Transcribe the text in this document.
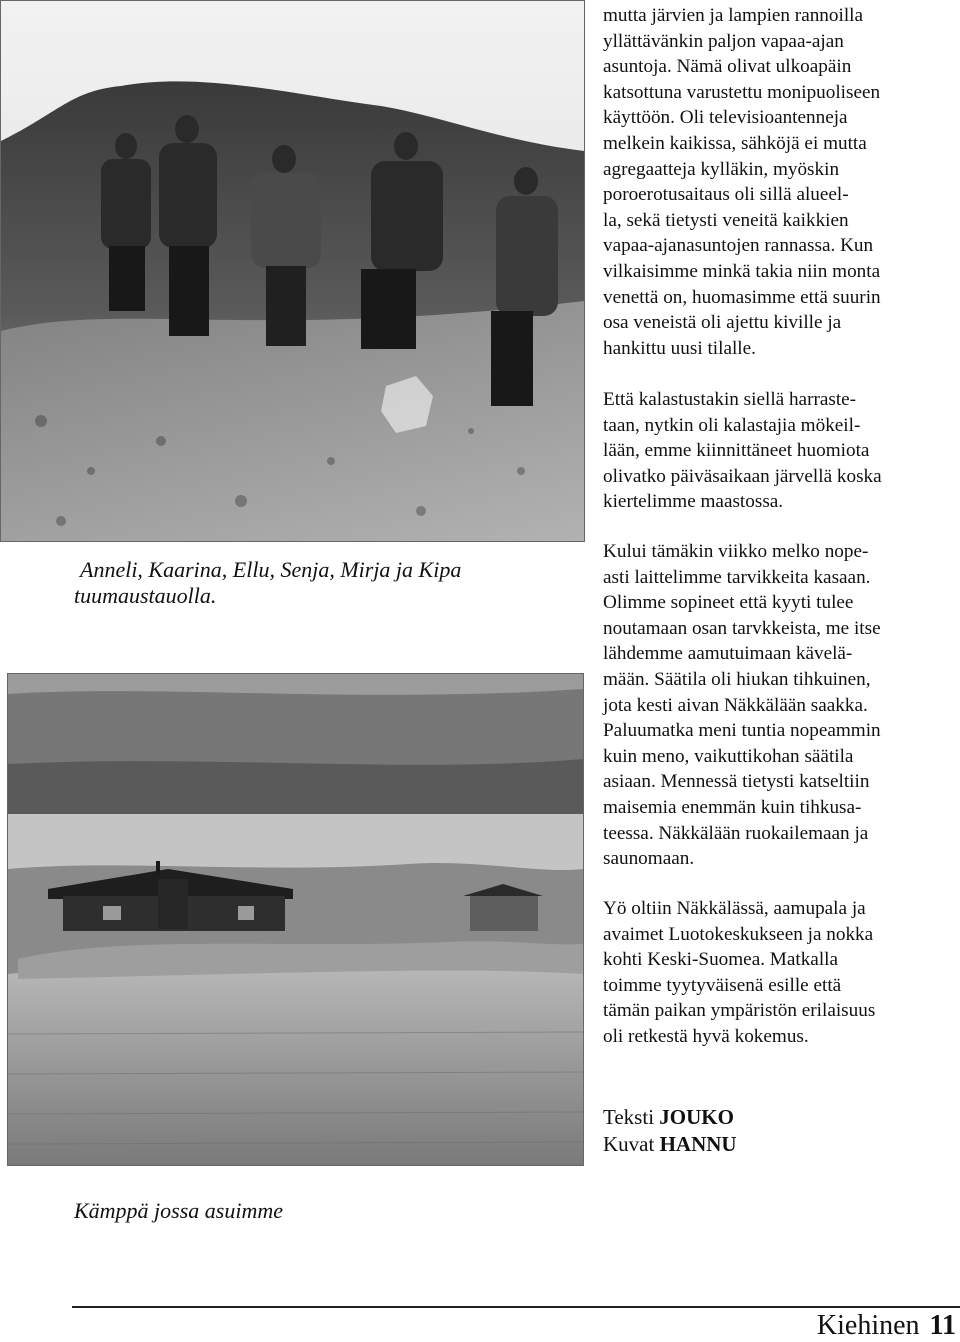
Anneli, Kaarina, Ellu, Senja, Mirja ja Kipa tuumaustauolla.
Kämppä jossa asuimme

mutta järvien ja lampien rannoilla
yllättävänkin paljon vapaa-ajan
asuntoja. Nämä olivat ulkoapäin
katsottuna varustettu monipuoliseen
käyttöön. Oli televisioantenneja
melkein kaikissa, sähköjä ei mutta
agregaatteja kylläkin, myöskin
poroerotusaitaus oli sillä alueel-
la, sekä tietysti veneitä kaikkien
vapaa-ajanasuntojen rannassa. Kun
vilkaisimme minkä takia niin monta
venettä on, huomasimme että suurin
osa veneistä oli ajettu kiville ja
hankittu uusi tilalle.

Että kalastustakin siellä harraste-
taan, nytkin oli kalastajia mökeil-
lään, emme kiinnittäneet huomiota
olivatko päiväsaikaan järvellä koska
kiertelimme maastossa.

Kului tämäkin viikko melko nope-
asti laittelimme tarvikkeita kasaan.
Olimme sopineet että kyyti tulee
noutamaan osan tarvkkeista, me itse
lähdemme aamutuimaan kävelä-
mään. Säätila oli hiukan tihkuinen,
jota kesti aivan Näkkälään saakka.
Paluumatka meni tuntia nopeammin
kuin meno, vaikuttikohan säätila
asiaan. Mennessä tietysti katseltiin
maisemia enemmän kuin tihkusa-
teessa. Näkkälään ruokailemaan ja
saunomaan.

Yö oltiin Näkkälässä, aamupala ja
avaimet Luotokeskukseen ja nokka
kohti Keski-Suomea. Matkalla
toimme tyytyväisenä esille että
tämän paikan ympäristön erilaisuus
oli retkestä hyvä kokemus.

Teksti JOUKO
Kuvat HANNU
Kiehinen 11
